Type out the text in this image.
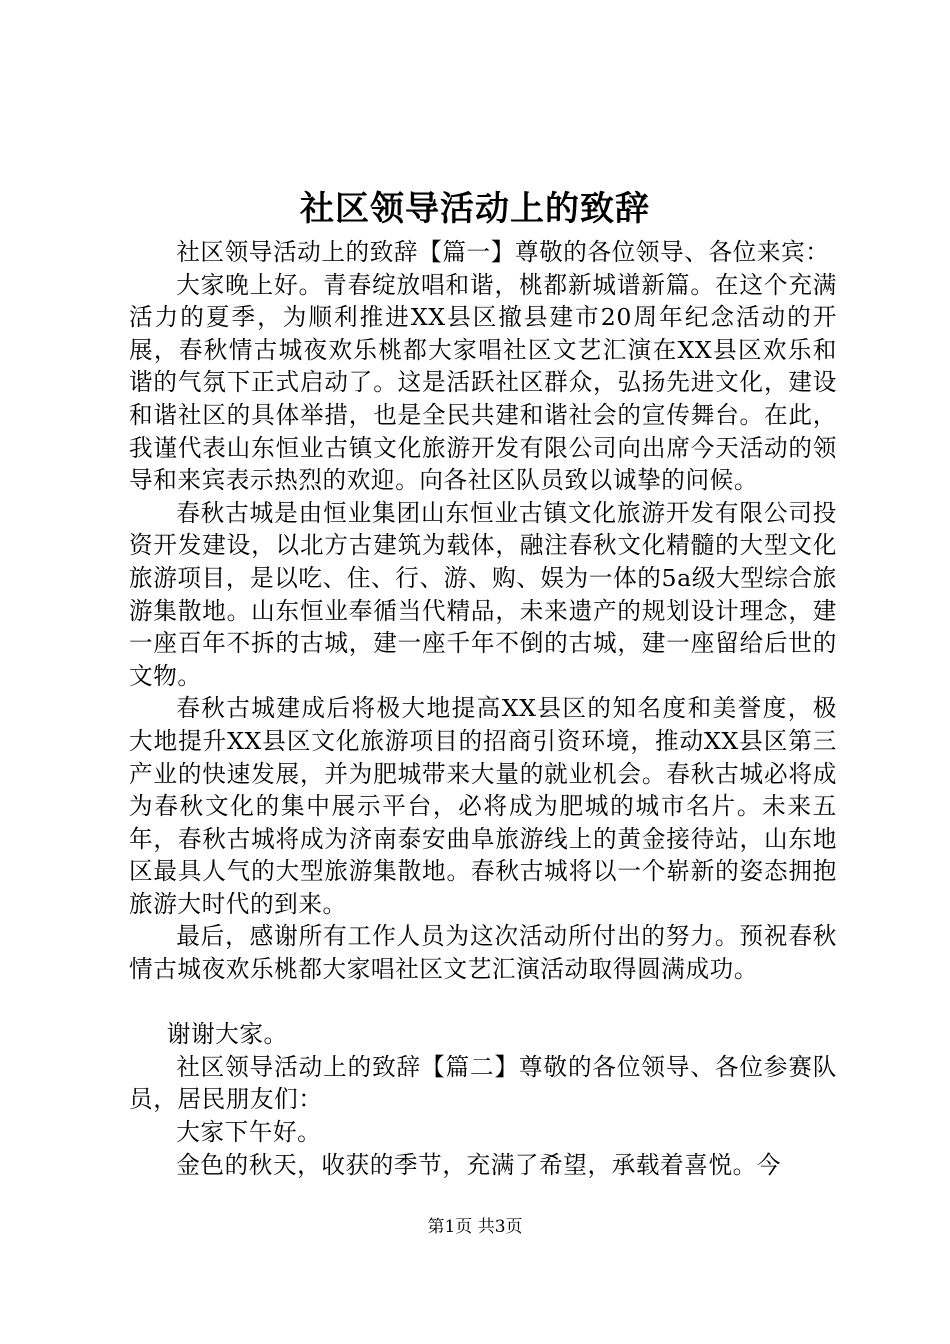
社区领导活动上的致辞

社区领导活动上的致辞【篇一】尊敬的各位领导、各位来宾：

大家晚上好。青春绽放唱和谐，桃都新城谱新篇。在这个充满活力的夏季，为顺利推进XX县区撤县建市20周年纪念活动的开展，春秋情古城夜欢乐桃都大家唱社区文艺汇演在XX县区欢乐和谐的气氛下正式启动了。这是活跃社区群众，弘扬先进文化，建设和谐社区的具体举措，也是全民共建和谐社会的宣传舞台。在此，我谨代表山东恒业古镇文化旅游开发有限公司向出席今天活动的领导和来宾表示热烈的欢迎。向各社区队员致以诚挚的问候。

春秋古城是由恒业集团山东恒业古镇文化旅游开发有限公司投资开发建设，以北方古建筑为载体，融注春秋文化精髓的大型文化旅游项目，是以吃、住、行、游、购、娱为一体的5a级大型综合旅游集散地。山东恒业奉循当代精品，未来遗产的规划设计理念，建一座百年不拆的古城，建一座千年不倒的古城，建一座留给后世的文物。

春秋古城建成后将极大地提高XX县区的知名度和美誉度，极大地提升XX县区文化旅游项目的招商引资环境，推动XX县区第三产业的快速发展，并为肥城带来大量的就业机会。春秋古城必将成为春秋文化的集中展示平台，必将成为肥城的城市名片。未来五年，春秋古城将成为济南泰安曲阜旅游线上的黄金接待站，山东地区最具人气的大型旅游集散地。春秋古城将以一个崭新的姿态拥抱旅游大时代的到来。

最后，感谢所有工作人员为这次活动所付出的努力。预祝春秋情古城夜欢乐桃都大家唱社区文艺汇演活动取得圆满成功。

谢谢大家。

社区领导活动上的致辞【篇二】尊敬的各位领导、各位参赛队员，居民朋友们：

大家下午好。

金色的秋天，收获的季节，充满了希望，承载着喜悦。今

第1页 共3页
